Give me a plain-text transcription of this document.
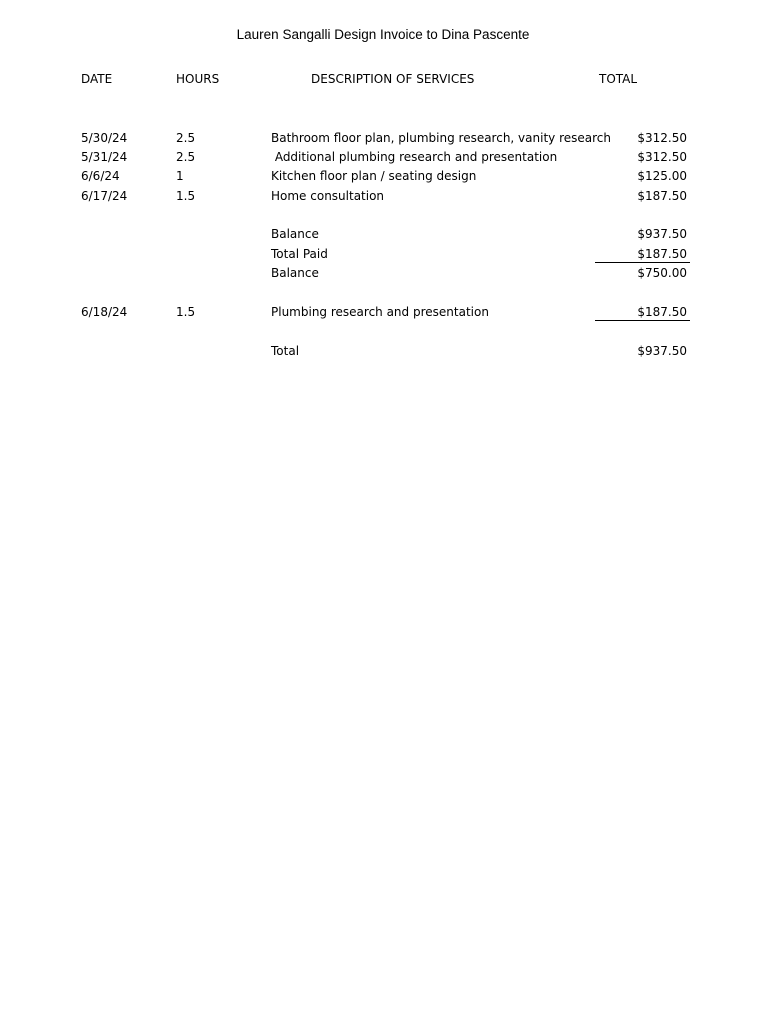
Lauren Sangalli Design Invoice to Dina Pascente
DATE	HOURS	DESCRIPTION OF SERVICES	TOTAL
5/30/24	2.5	Bathroom floor plan, plumbing research, vanity research $312.50
5/31/24	2.5	Additional plumbing research and presentation	$312.50
6/6/24	1	Kitchen floor plan / seating design	$125.00
6/17/24	1.5	Home consultation	$187.50
Balance	$937.50
Total Paid	$187.50
Balance	$750.00
6/18/24	1.5	Plumbing research and presentation	$187.50
Total	$937.50
